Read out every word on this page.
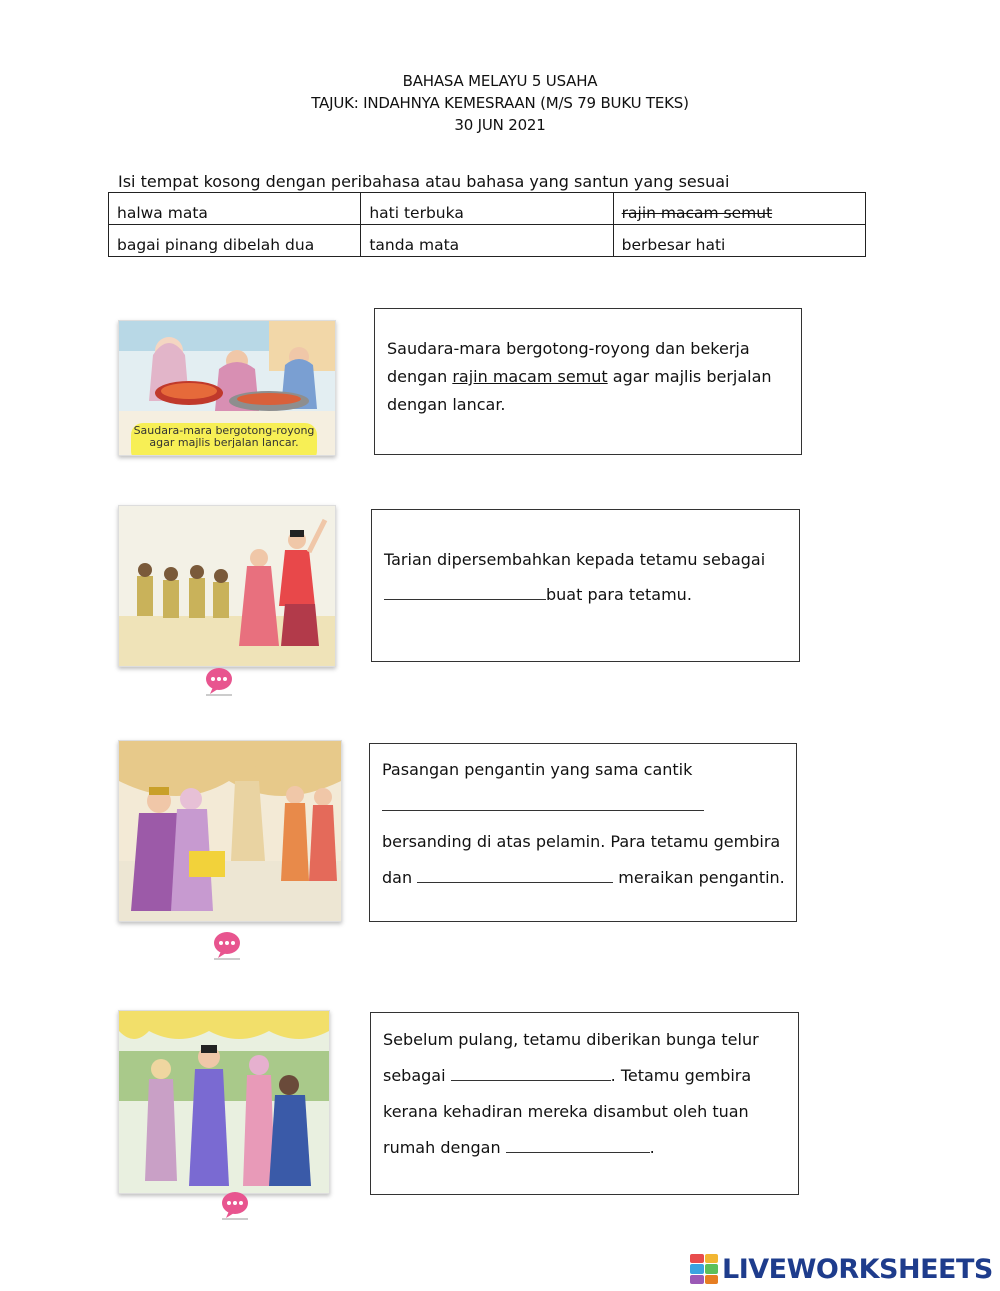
BAHASA MELAYU 5 USAHA
TAJUK: INDAHNYA KEMESRAAN (M/S 79 BUKU TEKS)
30 JUN 2021
Isi tempat kosong dengan peribahasa atau bahasa yang santun yang sesuai
halwa mata	hati terbuka	rajin macam semut
bagai pinang dibelah dua	tanda mata	berbesar hati
Saudara-mara bergotong-royong agar majlis berjalan lancar.

Saudara-mara bergotong-royong dan bekerja

dengan rajin macam semut agar majlis berjalan

dengan lancar.

Tarian dipersembahkan kepada tetamu sebagai

buat para tetamu.

Pasangan pengantin yang sama cantik

bersanding di atas pelamin. Para tetamu gembira

dan	meraikan pengantin.

Sebelum pulang, tetamu diberikan bunga telur

sebagai	. Tetamu gembira

kerana kehadiran mereka disambut oleh tuan

rumah dengan	.

LIVEWORKSHEETS
